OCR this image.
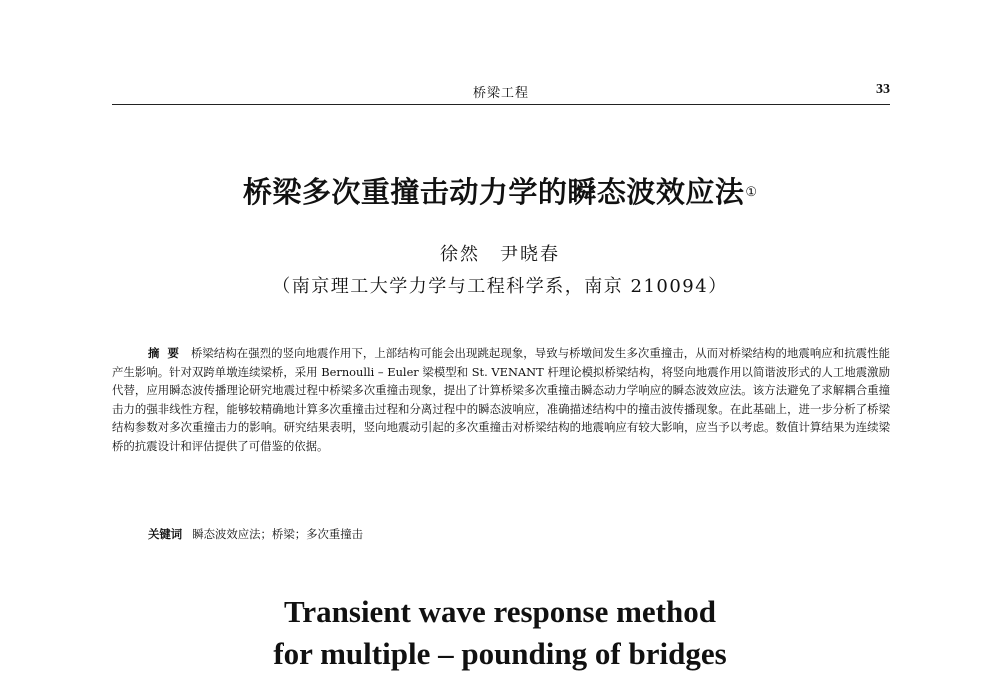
桥梁工程	33
桥梁多次重撞击动力学的瞬态波效应法①
徐然　尹晓春
（南京理工大学力学与工程科学系，南京 210094）
摘要 桥梁结构在强烈的竖向地震作用下，上部结构可能会出现跳起现象，导致与桥墩间发生多次重撞击，从而对桥梁结构的地震响应和抗震性能产生影响。针对双跨单墩连续梁桥，采用 Bernoulli – Euler 梁模型和 St. VENANT 杆理论模拟桥梁结构，将竖向地震作用以简谐波形式的人工地震激励代替，应用瞬态波传播理论研究地震过程中桥梁多次重撞击现象，提出了计算桥梁多次重撞击瞬态动力学响应的瞬态波效应法。该方法避免了求解耦合重撞击力的强非线性方程，能够较精确地计算多次重撞击过程和分离过程中的瞬态波响应，准确描述结构中的撞击波传播现象。在此基础上，进一步分析了桥梁结构参数对多次重撞击力的影响。研究结果表明，竖向地震动引起的多次重撞击对桥梁结构的地震响应有较大影响，应当予以考虑。数值计算结果为连续梁桥的抗震设计和评估提供了可借鉴的依据。
关键词 瞬态波效应法；桥梁；多次重撞击
Transient wave response method
for multiple – pounding of bridges
